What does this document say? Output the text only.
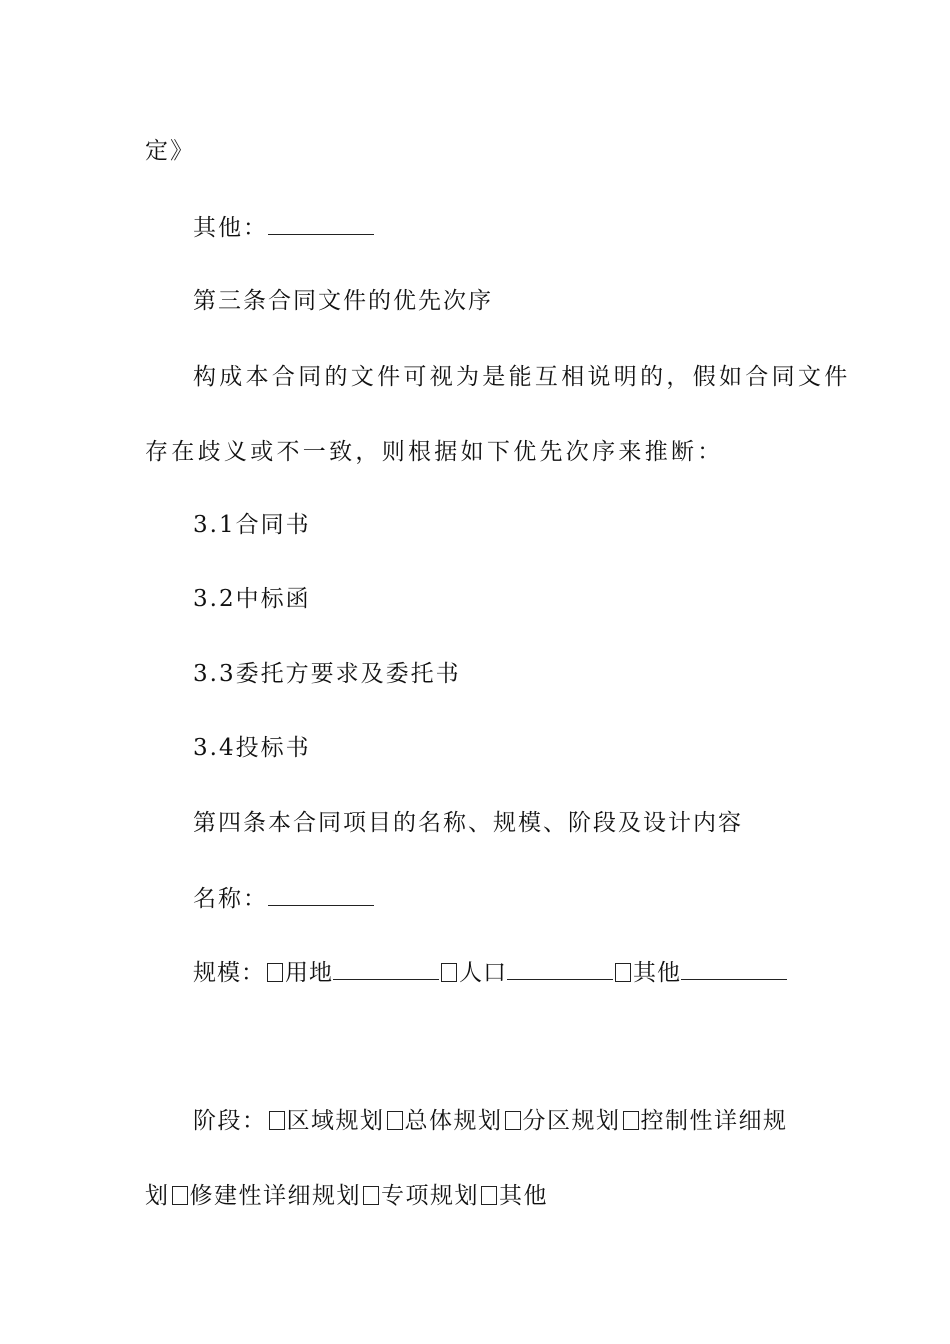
定》
其他：
第三条合同文件的优先次序
构成本合同的文件可视为是能互相说明的，假如合同文件
存在歧义或不一致，则根据如下优先次序来推断：
3.1合同书
3.2中标函
3.3委托方要求及委托书
3.4投标书
第四条本合同项目的名称、规模、阶段及设计内容
名称：
规模： 用地	人口	其他
阶段： 区域规划 总体规划 分区规划 控制性详细规
划 修建性详细规划 专项规划 其他
